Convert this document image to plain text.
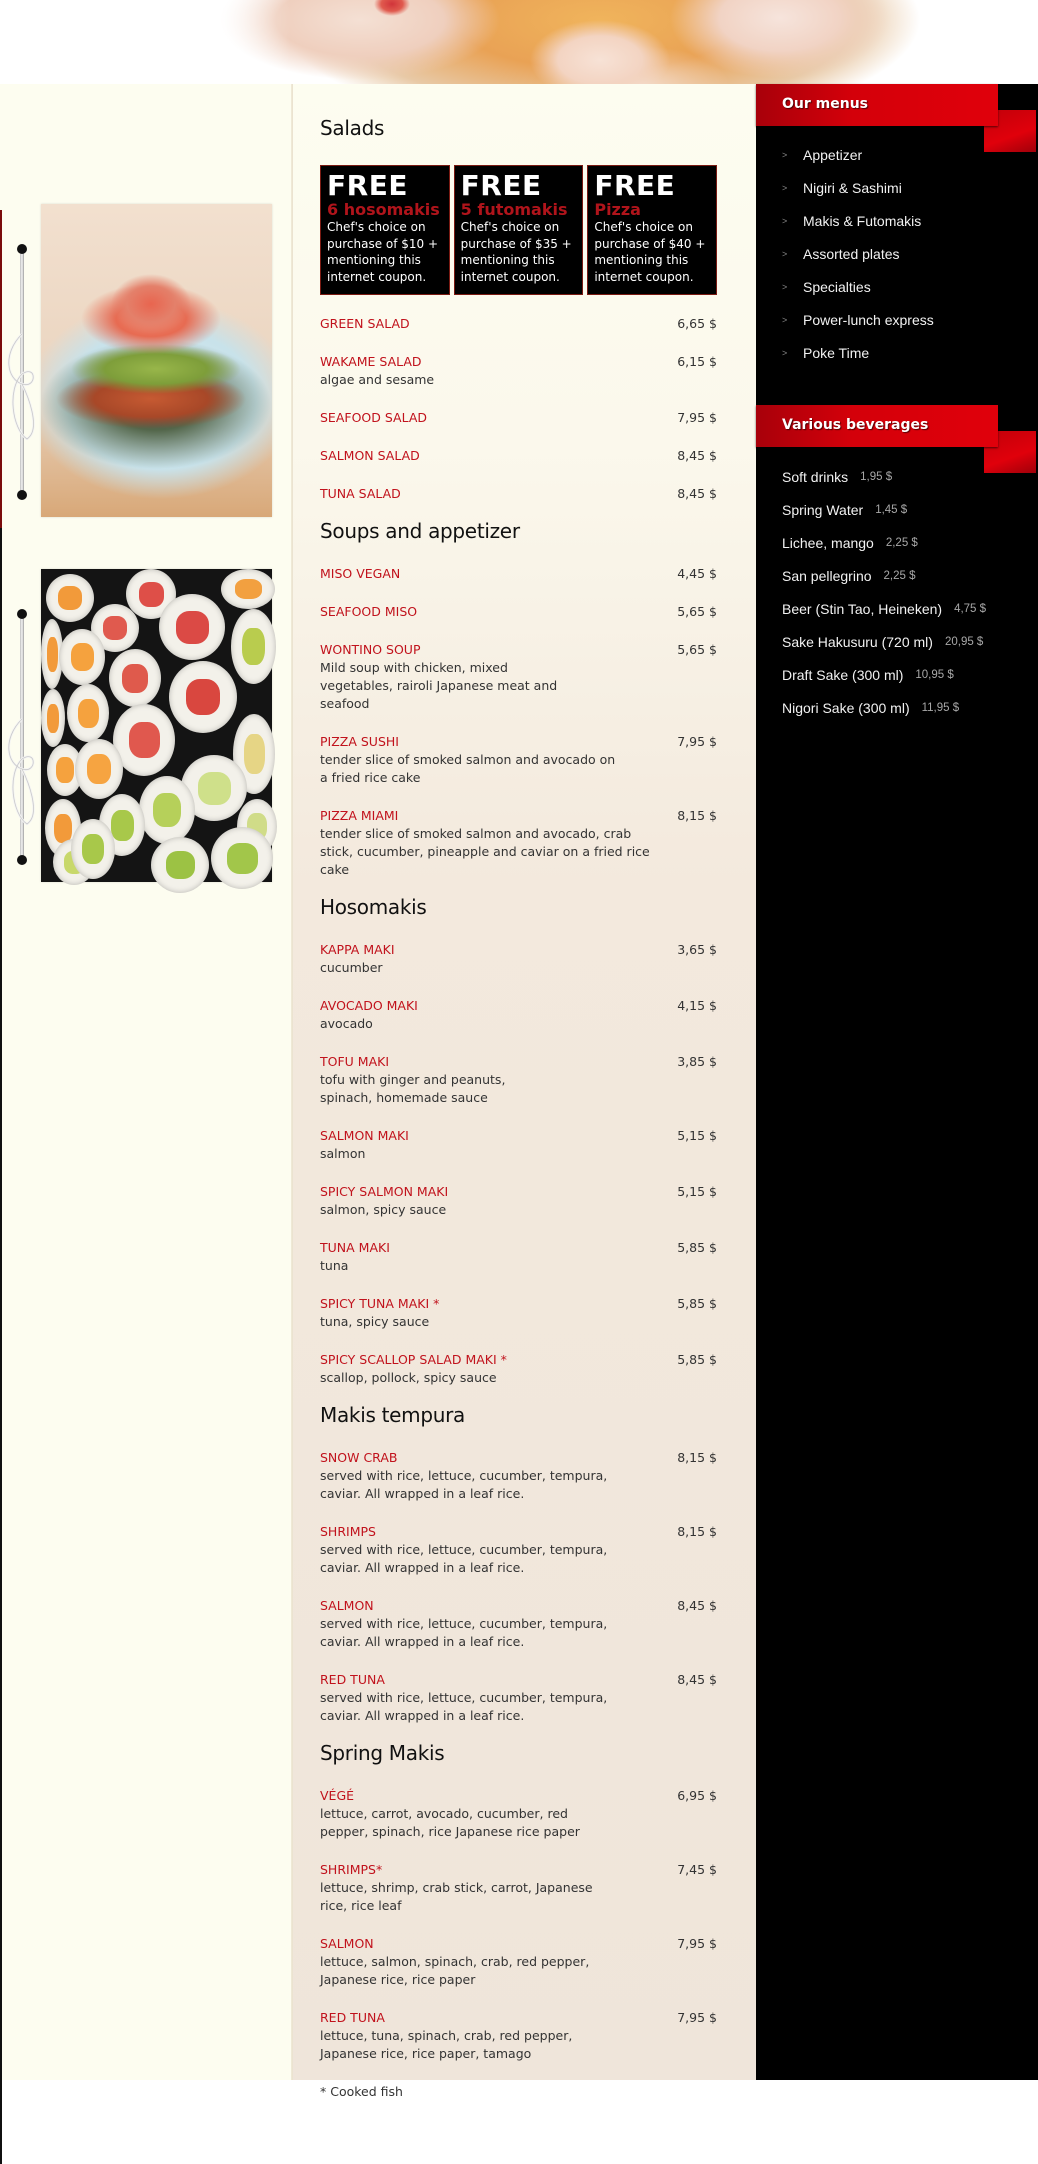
Salads
FREE
6 hosomakis
Chef's choice on purchase of $10 + mentioning this internet coupon.
FREE
5 futomakis
Chef's choice on purchase of $35 + mentioning this internet coupon.
FREE
Pizza
Chef's choice on purchase of $40 + mentioning this internet coupon.
GREEN SALAD	6,65 $
WAKAME SALAD	6,15 $
algae and sesame
SEAFOOD SALAD	7,95 $
SALMON SALAD	8,45 $
TUNA SALAD	8,45 $
Soups and appetizer
MISO VEGAN	4,45 $
SEAFOOD MISO	5,65 $
WONTINO SOUP	5,65 $
Mild soup with chicken, mixed vegetables, rairoli Japanese meat and seafood
PIZZA SUSHI	7,95 $
tender slice of smoked salmon and avocado on a fried rice cake
PIZZA MIAMI	8,15 $
tender slice of smoked salmon and avocado, crab stick, cucumber, pineapple and caviar on a fried rice cake
Hosomakis
KAPPA MAKI	3,65 $
cucumber
AVOCADO MAKI	4,15 $
avocado
TOFU MAKI	3,85 $
tofu with ginger and peanuts, spinach, homemade sauce
SALMON MAKI	5,15 $
salmon
SPICY SALMON MAKI	5,15 $
salmon, spicy sauce
TUNA MAKI	5,85 $
tuna
SPICY TUNA MAKI *	5,85 $
tuna, spicy sauce
SPICY SCALLOP SALAD MAKI *	5,85 $
scallop, pollock, spicy sauce
Makis tempura
SNOW CRAB	8,15 $
served with rice, lettuce, cucumber, tempura, caviar. All wrapped in a leaf rice.
SHRIMPS	8,15 $
served with rice, lettuce, cucumber, tempura, caviar. All wrapped in a leaf rice.
SALMON	8,45 $
served with rice, lettuce, cucumber, tempura, caviar. All wrapped in a leaf rice.
RED TUNA	8,45 $
served with rice, lettuce, cucumber, tempura, caviar. All wrapped in a leaf rice.
Spring Makis
VÉGÉ	6,95 $
lettuce, carrot, avocado, cucumber, red pepper, spinach, rice Japanese rice paper
SHRIMPS*	7,45 $
lettuce, shrimp, crab stick, carrot, Japanese rice, rice leaf
SALMON	7,95 $
lettuce, salmon, spinach, crab, red pepper, Japanese rice, rice paper
RED TUNA	7,95 $
lettuce, tuna, spinach, crab, red pepper, Japanese rice, rice paper, tamago
* Cooked fish
Our menus
>	Appetizer
>	Nigiri & Sashimi
>	Makis & Futomakis
>	Assorted plates
>	Specialties
>	Power-lunch express
>	Poke Time
Various beverages
Soft drinks 1,95 $
Spring Water 1,45 $
Lichee, mango 2,25 $
San pellegrino 2,25 $
Beer (Stin Tao, Heineken) 4,75 $
Sake Hakusuru (720 ml) 20,95 $
Draft Sake (300 ml) 10,95 $
Nigori Sake (300 ml) 11,95 $
